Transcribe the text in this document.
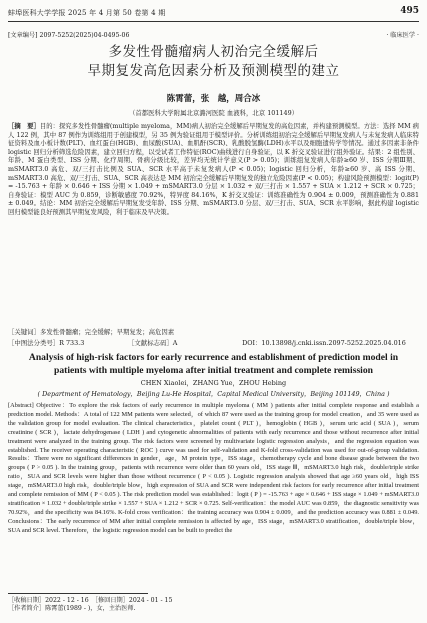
蚌埠医科大学学报 2025 年 4 月第 50 卷第 4 期	495
[文章编号] 2097-5252(2025)04-0495-06	· 临床医学 ·
多发性骨髓瘤病人初治完全缓解后
早期复发高危因素分析及预测模型的建立
陈霄蕾，张　越，周合冰
（首都医科大学附属北京潞河医院 血液科，北京 101149）
［摘　要］目的：探究多发性骨髓瘤(multiple myeloma，MM)病人初治完全缓解后早期复发的高危因素，并构建预测模型。方法：选择 MM 病人 122 例，其中 87 例作为训练组用于创建模型，另 35 例为验证组用于模型评价。分析训练组初治完全缓解后早期复发病人与未复发病人临床特征资料及血小板计数(PLT)、血红蛋白(HGB)、血尿酸(SUA)、血肌酐(SCR)、乳酸脱氢酶(LDH)水平以及细胞遗传学等情况。通过多因素非条件 logistic 回归分析筛选危险因素，建立回归方程，以受试者工作特征(ROC)曲线进行自身验证，以 K 折交叉验证进行组外验证。结果：2 组性别、年龄、M 蛋白类型、ISS 分期、化疗周期、骨病分级比较，差异均无统计学意义(P > 0.05)；训练组复发病人年龄≥60 岁、ISS 分期Ⅲ期、mSMART3.0 高危、双/三打击比例及 SUA、SCR 水平高于未复发病人(P < 0.05)；logistic 回归分析，年龄≥60 岁、高 ISS 分期、mSMART3.0 高危、双/三打击、SUA、SCR 高表达是 MM 初治完全缓解后早期复发的独立危险因素(P < 0.05)；构建风险预测模型：logit(P) = -15.763 + 年龄 × 0.646 + ISS 分期 × 1.049 + mSMART3.0 分层 × 1.032 + 双/三打击 × 1.557 + SUA × 1.212 + SCR × 0.725；自身验证：模型 AUC 为 0.859，诊断敏感度 70.92%，特异度 84.16%，K 折交叉验证：训练准确性为 0.904 ± 0.009，预测准确性为 0.881 ± 0.049。结论：MM 初治完全缓解后早期复发受年龄、ISS 分期、mSMART3.0 分层、双/三打击、SUA、SCR 水平影响，据此构建 logistic 回归模型能良好预测其早期复发风险，利于临床及早决策。
［关键词］多发性骨髓瘤；完全缓解；早期复发；高危因素
［中图法分类号］R 733.3	［文献标志码］A	DOI：10.13898/j.cnki.issn.2097-5252.2025.04.016
Analysis of high-risk factors for early recurrence and establishment of prediction model in patients with multiple myeloma after initial treatment and complete remission
CHEN Xiaolei，ZHANG Yue，ZHOU Hebing
( Department of Hematology，Beijing Lu-He Hospital，Capital Medical University，Beijing 101149，China )
[Abstract] Objective：To explore the risk factors of early recurrence in multiple myeloma ( MM ) patients after initial complete response and establish a prediction model. Methods：A total of 122 MM patients were selected，of which 87 were used as the training group for model creation，and 35 were used as the validation group for model evaluation. The clinical characteristics，platelet count ( PLT )，hemoglobin ( HGB )，serum uric acid ( SUA )，serum creatinine ( SCR )，lactate dehydrogenase ( LDH ) and cytogenetic abnormalities of patients with early recurrence and those without recurrence after initial treatment were analyzed in the training group. The risk factors were screened by multivariate logistic regression analysis，and the regression equation was established. The receiver operating characteristic ( ROC ) curve was used for self-validation and K-fold cross-validation was used for out-of-group validation. Results：There were no significant differences in gender，age，M protein type，ISS stage，chemotherapy cycle and bone disease grade between the two groups ( P > 0.05 ). In the training group，patients with recurrence were older than 60 years old，ISS stage Ⅲ，mSMART3.0 high risk，double/triple strike ratio，SUA and SCR levels were higher than those without recurrence ( P < 0.05 ). Logistic regression analysis showed that age ≥60 years old，high ISS stage，mSMART3.0 high risk，double/triple blow，high expression of SUA and SCR were independent risk factors for early recurrence after initial treatment and complete remission of MM ( P < 0.05 ). The risk prediction model was established：logit ( P ) = -15.763 + age × 0.646 + ISS stage × 1.049 + mSMART3.0 stratification × 1.032 + double/triple strike × 1.557 + SUA × 1.212 + SCR × 0.725. Self-verification：the model AUC was 0.859，the diagnostic sensitivity was 70.92%，and the specificity was 84.16%. K-fold cross verification：the training accuracy was 0.904 ± 0.009，and the prediction accuracy was 0.881 ± 0.049. Conclusions：The early recurrence of MM after initial complete remission is affected by age，ISS stage，mSMART3.0 stratification，double/triple blow，SUA and SCR level. Therefore，the logistic regression model can be built to predict the
［收稿日期］2022 - 12 - 16　［修回日期］2024 - 01 - 15
［作者简介］陈霄蕾(1989 - )，女，主治医师.
